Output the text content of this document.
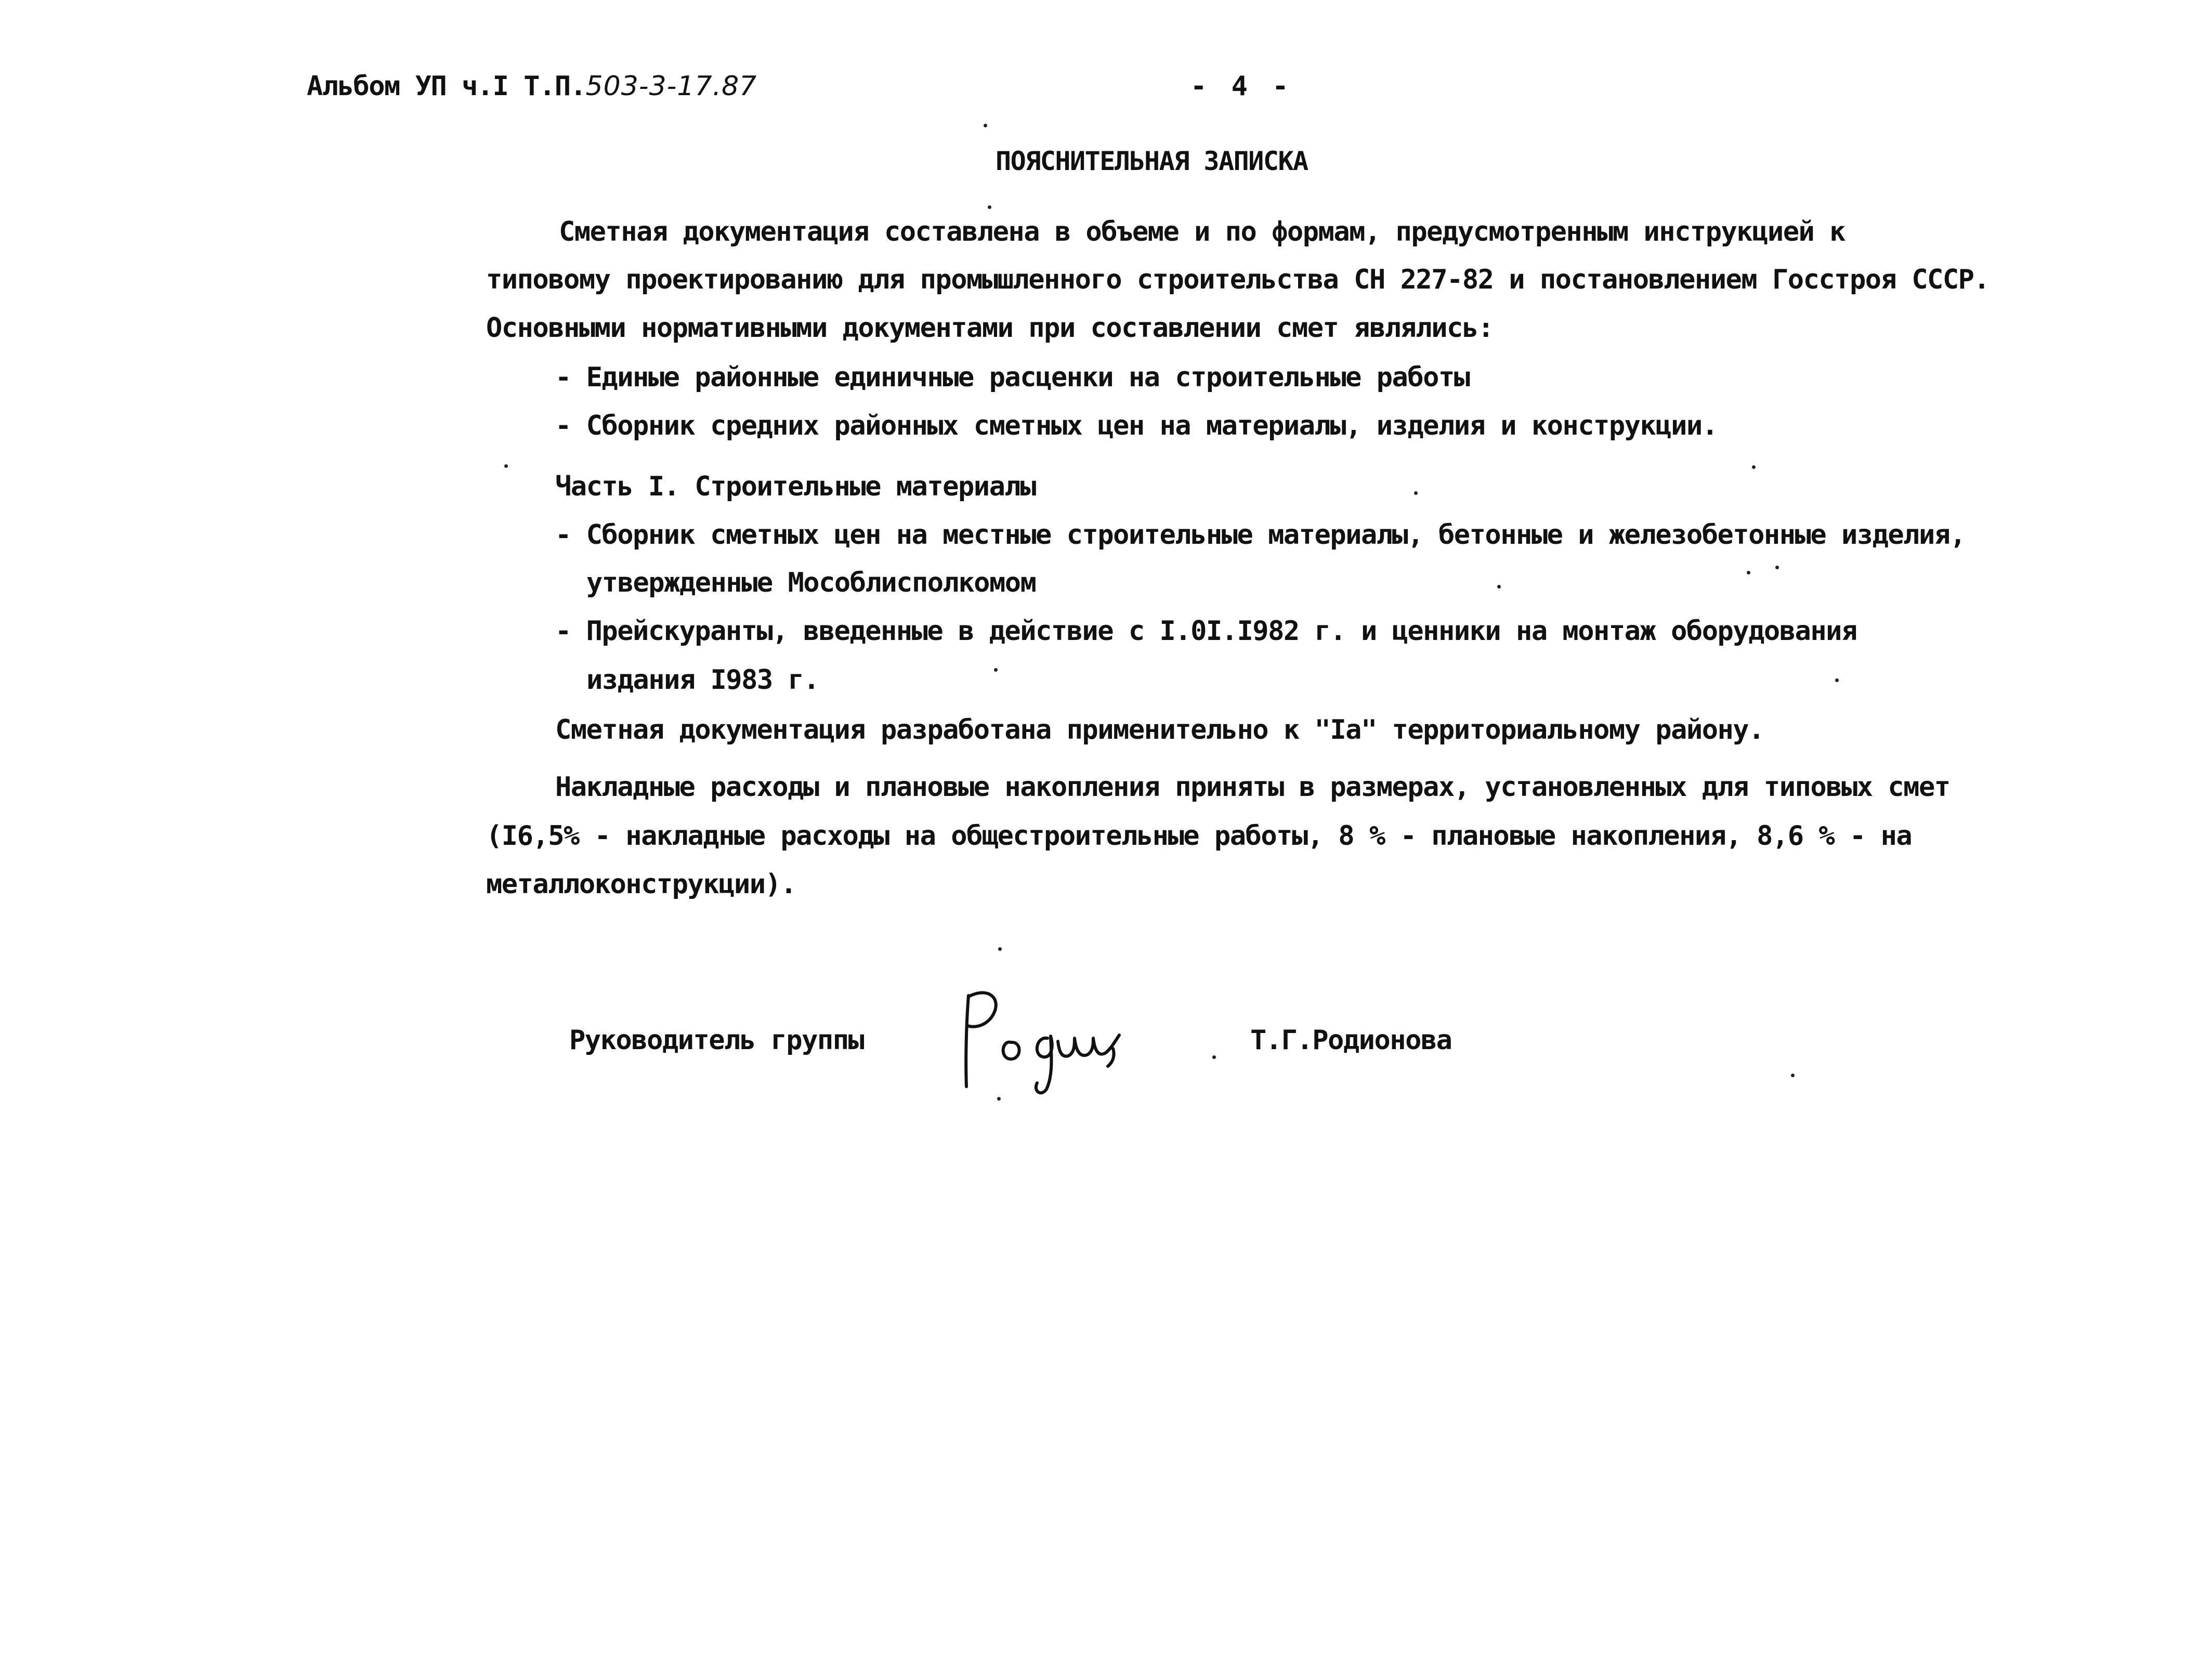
Альбом УП ч.I Т.П.503-3-17.87	- 4 -
ПОЯСНИТЕЛЬНАЯ ЗАПИСКА
Сметная документация составлена в объеме и по формам, предусмотренным инструкцией к
типовому проектированию для промышленного строительства СН 227-82 и постановлением Госстроя СССР.
Основными нормативными документами при составлении смет являлись:
- Единые районные единичные расценки на строительные работы
- Сборник средних районных сметных цен на материалы, изделия и конструкции.
Часть I. Строительные материалы
- Сборник сметных цен на местные строительные материалы, бетонные и железобетонные изделия,
утвержденные Мособлисполкомом
- Прейскуранты, введенные в действие с I.0I.I982 г. и ценники на монтаж оборудования
издания I983 г.
Сметная документация разработана применительно к "Iа" территориальному району.
Накладные расходы и плановые накопления приняты в размерах, установленных для типовых смет
(I6,5% - накладные расходы на общестроительные работы, 8 % - плановые накопления, 8,6 % - на
металлоконструкции).
Руководитель группы	Т.Г.Родионова
